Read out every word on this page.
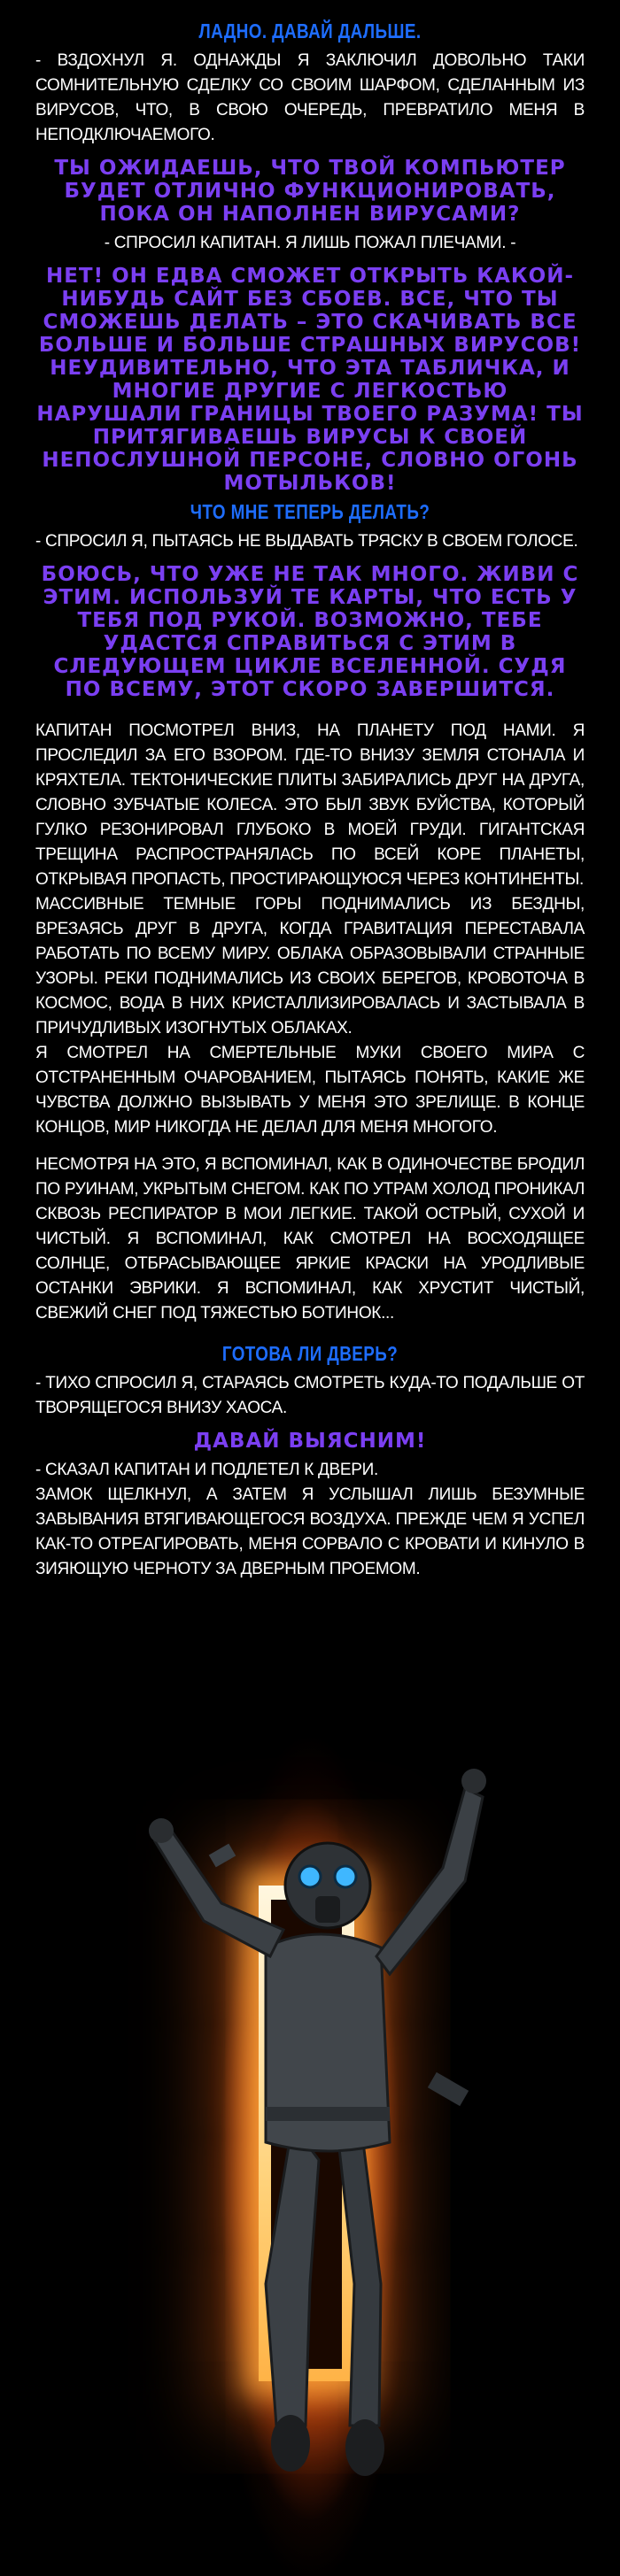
ЛАДНО. ДАВАЙ ДАЛЬШЕ.
- ВЗДОХНУЛ Я. ОДНАЖДЫ Я ЗАКЛЮЧИЛ ДОВОЛЬНО ТАКИ СОМНИТЕЛЬНУЮ СДЕЛКУ СО СВОИМ ШАРФОМ, СДЕЛАННЫМ ИЗ ВИРУСОВ, ЧТО, В СВОЮ ОЧЕРЕДЬ, ПРЕВРАТИЛО МЕНЯ В НЕПОДКЛЮЧАЕМОГО.
ТЫ ОЖИДАЕШЬ, ЧТО ТВОЙ КОМПЬЮТЕР БУДЕТ ОТЛИЧНО ФУНКЦИОНИРОВАТЬ, ПОКА ОН НАПОЛНЕН ВИРУСАМИ?
- СПРОСИЛ КАПИТАН. Я ЛИШЬ ПОЖАЛ ПЛЕЧАМИ. -
НЕТ! ОН ЕДВА СМОЖЕТ ОТКРЫТЬ КАКОЙ-НИБУДЬ САЙТ БЕЗ СБОЕВ. ВСЕ, ЧТО ТЫ СМОЖЕШЬ ДЕЛАТЬ – ЭТО СКАЧИВАТЬ ВСЕ БОЛЬШЕ И БОЛЬШЕ СТРАШНЫХ ВИРУСОВ! НЕУДИВИТЕЛЬНО, ЧТО ЭТА ТАБЛИЧКА, И МНОГИЕ ДРУГИЕ С ЛЕГКОСТЬЮ НАРУШАЛИ ГРАНИЦЫ ТВОЕГО РАЗУМА! ТЫ ПРИТЯГИВАЕШЬ ВИРУСЫ К СВОЕЙ НЕПОСЛУШНОЙ ПЕРСОНЕ, СЛОВНО ОГОНЬ МОТЫЛЬКОВ!
ЧТО МНЕ ТЕПЕРЬ ДЕЛАТЬ?
- СПРОСИЛ Я, ПЫТАЯСЬ НЕ ВЫДАВАТЬ ТРЯСКУ В СВОЕМ ГОЛОСЕ.
БОЮСЬ, ЧТО УЖЕ НЕ ТАК МНОГО. ЖИВИ С ЭТИМ. ИСПОЛЬЗУЙ ТЕ КАРТЫ, ЧТО ЕСТЬ У ТЕБЯ ПОД РУКОЙ. ВОЗМОЖНО, ТЕБЕ УДАСТСЯ СПРАВИТЬСЯ С ЭТИМ В СЛЕДУЮЩЕМ ЦИКЛЕ ВСЕЛЕННОЙ. СУДЯ ПО ВСЕМУ, ЭТОТ СКОРО ЗАВЕРШИТСЯ.
КАПИТАН ПОСМОТРЕЛ ВНИЗ, НА ПЛАНЕТУ ПОД НАМИ. Я ПРОСЛЕДИЛ ЗА ЕГО ВЗОРОМ. ГДЕ-ТО ВНИЗУ ЗЕМЛЯ СТОНАЛА И КРЯХТЕЛА. ТЕКТОНИЧЕСКИЕ ПЛИТЫ ЗАБИРАЛИСЬ ДРУГ НА ДРУГА, СЛОВНО ЗУБЧАТЫЕ КОЛЕСА. ЭТО БЫЛ ЗВУК БУЙСТВА, КОТОРЫЙ ГУЛКО РЕЗОНИРОВАЛ ГЛУБОКО В МОЕЙ ГРУДИ. ГИГАНТСКАЯ ТРЕЩИНА РАСПРОСТРАНЯЛАСЬ ПО ВСЕЙ КОРЕ ПЛАНЕТЫ, ОТКРЫВАЯ ПРОПАСТЬ, ПРОСТИРАЮЩУЮСЯ ЧЕРЕЗ КОНТИНЕНТЫ.
МАССИВНЫЕ ТЕМНЫЕ ГОРЫ ПОДНИМАЛИСЬ ИЗ БЕЗДНЫ, ВРЕЗАЯСЬ ДРУГ В ДРУГА, КОГДА ГРАВИТАЦИЯ ПЕРЕСТАВАЛА РАБОТАТЬ ПО ВСЕМУ МИРУ. ОБЛАКА ОБРАЗОВЫВАЛИ СТРАННЫЕ УЗОРЫ. РЕКИ ПОДНИМАЛИСЬ ИЗ СВОИХ БЕРЕГОВ, КРОВОТОЧА В КОСМОС, ВОДА В НИХ КРИСТАЛЛИЗИРОВАЛАСЬ И ЗАСТЫВАЛА В ПРИЧУДЛИВЫХ ИЗОГНУТЫХ ОБЛАКАХ.
Я СМОТРЕЛ НА СМЕРТЕЛЬНЫЕ МУКИ СВОЕГО МИРА С ОТСТРАНЕННЫМ ОЧАРОВАНИЕМ, ПЫТАЯСЬ ПОНЯТЬ, КАКИЕ ЖЕ ЧУВСТВА ДОЛЖНО ВЫЗЫВАТЬ У МЕНЯ ЭТО ЗРЕЛИЩЕ. В КОНЦЕ КОНЦОВ, МИР НИКОГДА НЕ ДЕЛАЛ ДЛЯ МЕНЯ МНОГОГО.
НЕСМОТРЯ НА ЭТО, Я ВСПОМИНАЛ, КАК В ОДИНОЧЕСТВЕ БРОДИЛ ПО РУИНАМ, УКРЫТЫМ СНЕГОМ. КАК ПО УТРАМ ХОЛОД ПРОНИКАЛ СКВОЗЬ РЕСПИРАТОР В МОИ ЛЕГКИЕ. ТАКОЙ ОСТРЫЙ, СУХОЙ И ЧИСТЫЙ. Я ВСПОМИНАЛ, КАК СМОТРЕЛ НА ВОСХОДЯЩЕЕ СОЛНЦЕ, ОТБРАСЫВАЮЩЕЕ ЯРКИЕ КРАСКИ НА УРОДЛИВЫЕ ОСТАНКИ ЭВРИКИ. Я ВСПОМИНАЛ, КАК ХРУСТИТ ЧИСТЫЙ, СВЕЖИЙ СНЕГ ПОД ТЯЖЕСТЬЮ БОТИНОК...
ГОТОВА ЛИ ДВЕРЬ?
- ТИХО СПРОСИЛ Я, СТАРАЯСЬ СМОТРЕТЬ КУДА-ТО ПОДАЛЬШЕ ОТ ТВОРЯЩЕГОСЯ ВНИЗУ ХАОСА.
ДАВАЙ ВЫЯСНИМ!
- СКАЗАЛ КАПИТАН И ПОДЛЕТЕЛ К ДВЕРИ.
ЗАМОК ЩЕЛКНУЛ, А ЗАТЕМ Я УСЛЫШАЛ ЛИШЬ БЕЗУМНЫЕ ЗАВЫВАНИЯ ВТЯГИВАЮЩЕГОСЯ ВОЗДУХА. ПРЕЖДЕ ЧЕМ Я УСПЕЛ КАК-ТО ОТРЕАГИРОВАТЬ, МЕНЯ СОРВАЛО С КРОВАТИ И КИНУЛО В ЗИЯЮЩУЮ ЧЕРНОТУ ЗА ДВЕРНЫМ ПРОЕМОМ.
